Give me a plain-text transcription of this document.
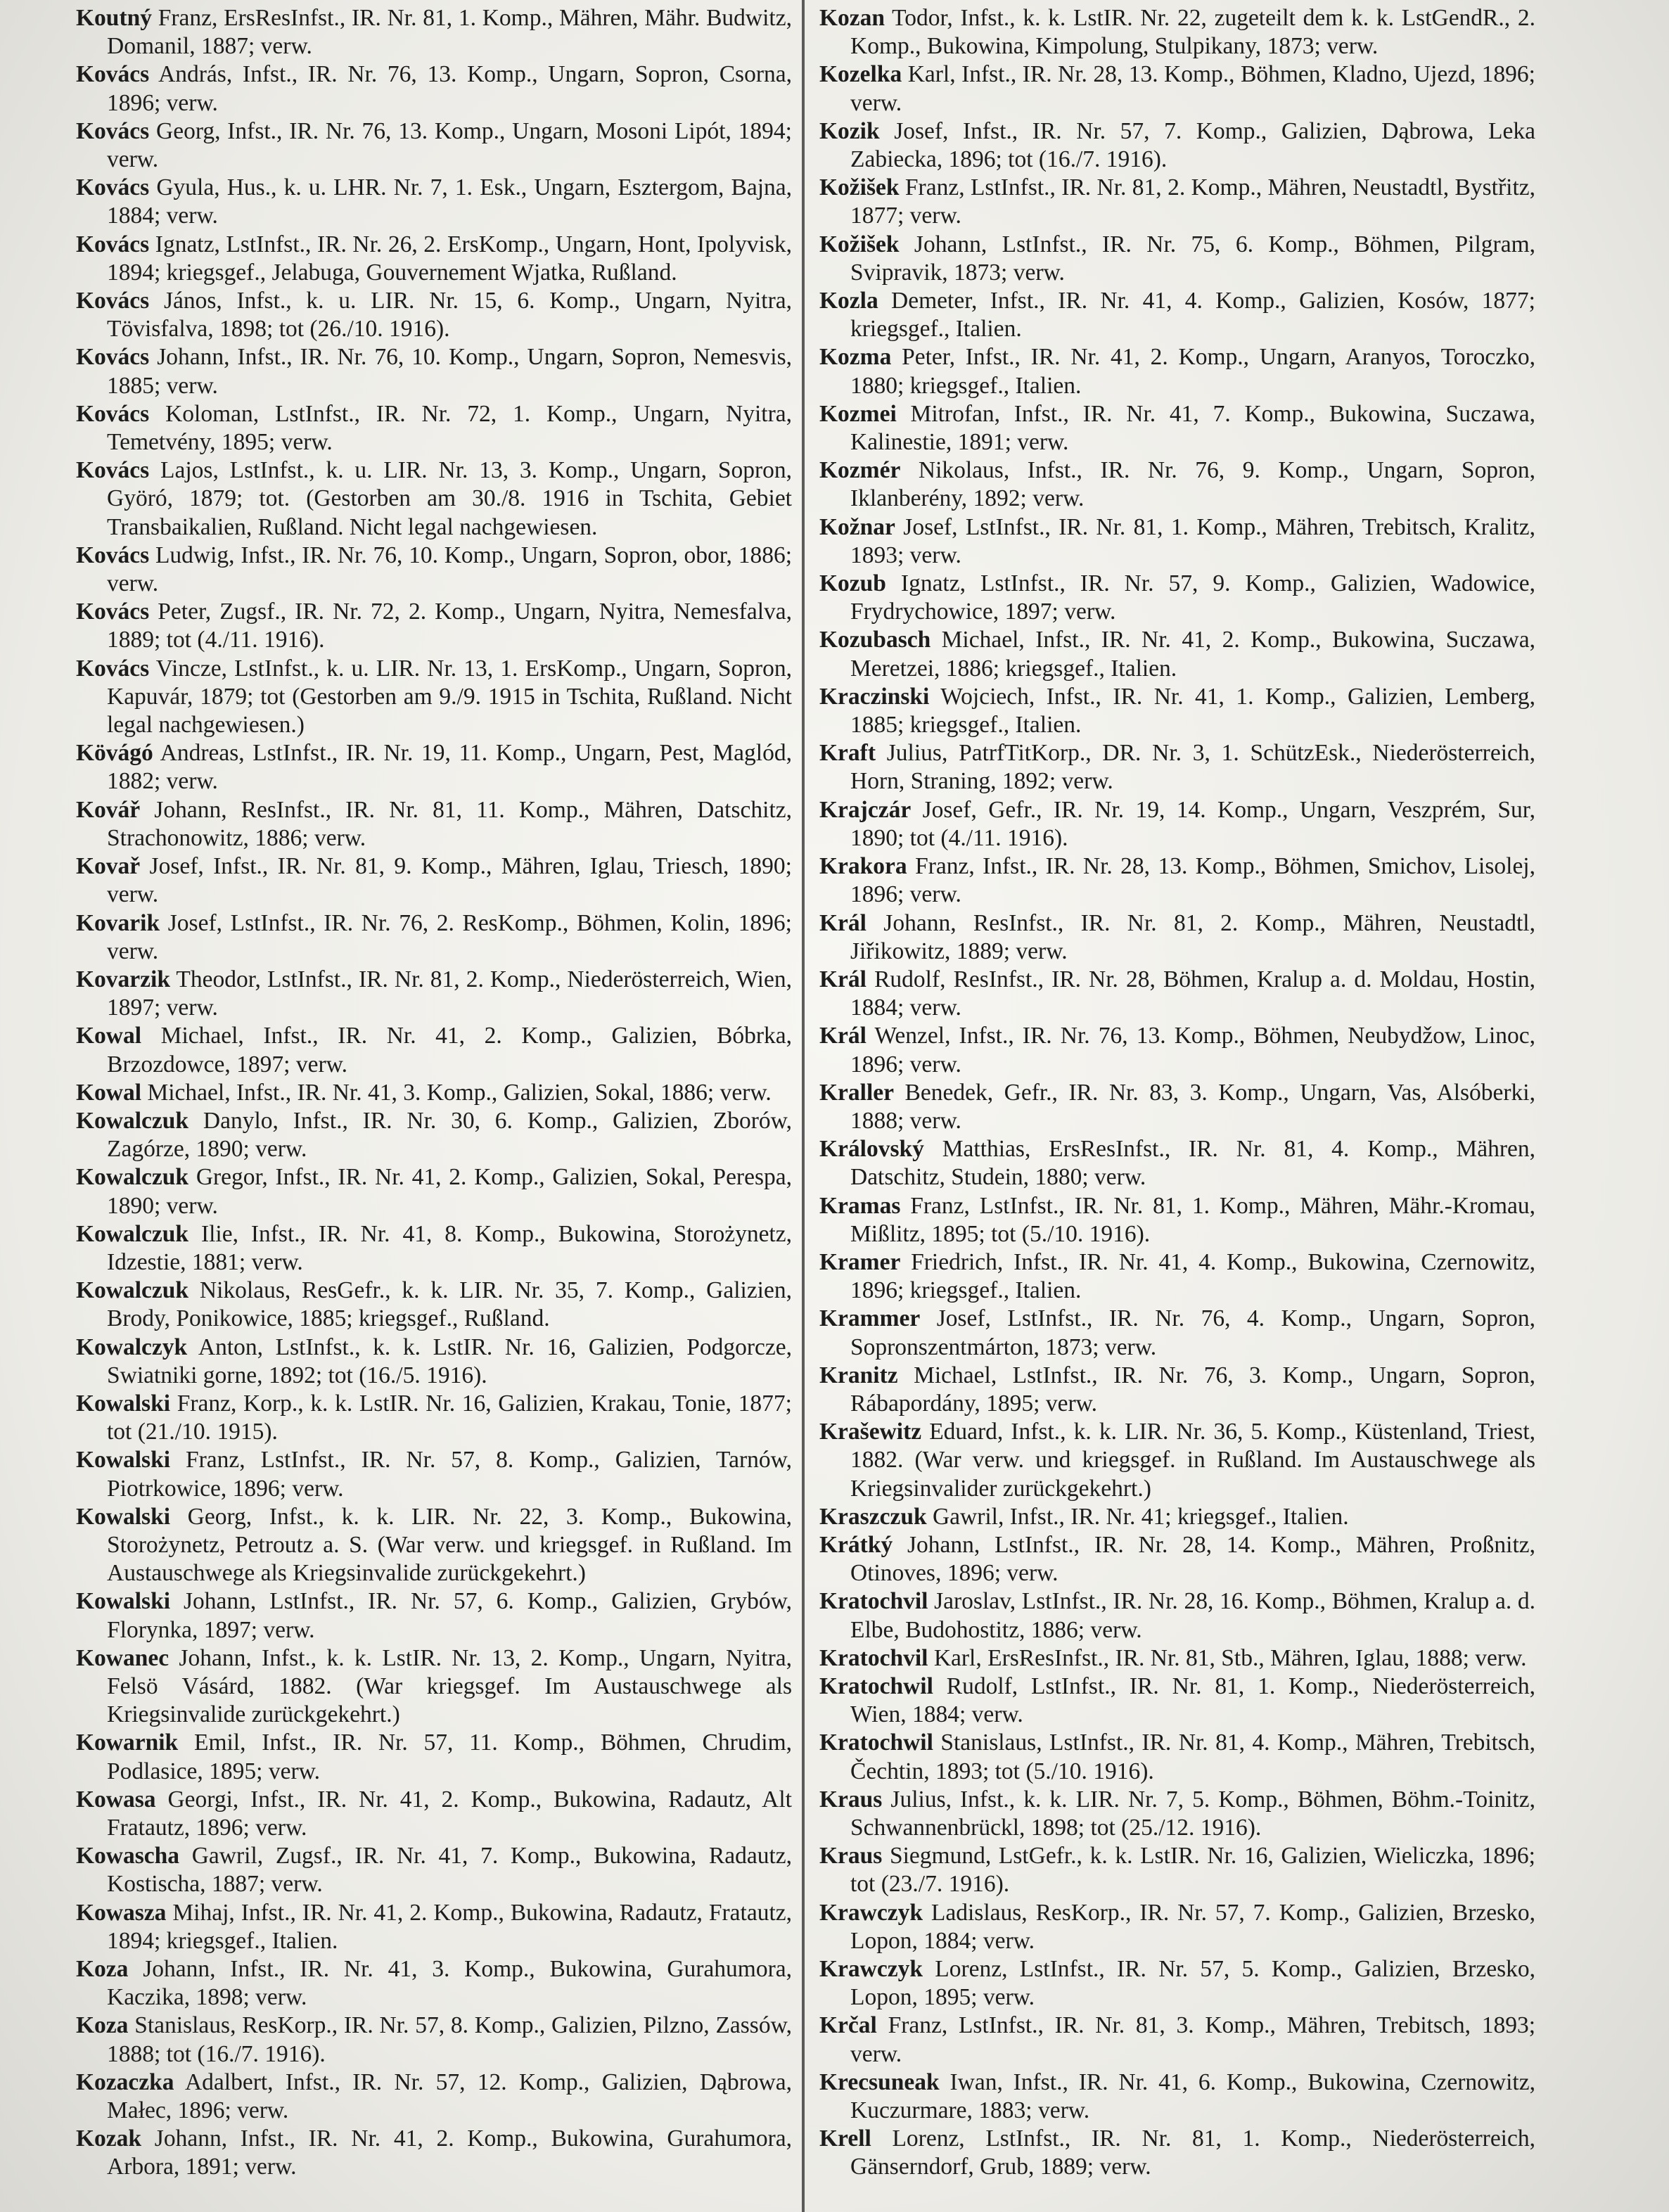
Koutný Franz, ErsResInfst., IR. Nr. 81, 1. Komp., Mähren, Mähr. Budwitz, Domanil, 1887; verw.

Kovács András, Infst., IR. Nr. 76, 13. Komp., Ungarn, Sopron, Csorna, 1896; verw.

Kovács Georg, Infst., IR. Nr. 76, 13. Komp., Ungarn, Mosoni Lipót, 1894; verw.

Kovács Gyula, Hus., k. u. LHR. Nr. 7, 1. Esk., Ungarn, Esztergom, Bajna, 1884; verw.

Kovács Ignatz, LstInfst., IR. Nr. 26, 2. ErsKomp., Ungarn, Hont, Ipolyvisk, 1894; kriegsgef., Jelabuga, Gouvernement Wjatka, Rußland.

Kovács János, Infst., k. u. LIR. Nr. 15, 6. Komp., Ungarn, Nyitra, Tövisfalva, 1898; tot (26./10. 1916).

Kovács Johann, Infst., IR. Nr. 76, 10. Komp., Ungarn, Sopron, Nemesvis, 1885; verw.

Kovács Koloman, LstInfst., IR. Nr. 72, 1. Komp., Ungarn, Nyitra, Temetvény, 1895; verw.

Kovács Lajos, LstInfst., k. u. LIR. Nr. 13, 3. Komp., Ungarn, Sopron, Györó, 1879; tot. (Gestorben am 30./8. 1916 in Tschita, Gebiet Transbaikalien, Rußland. Nicht legal nachgewiesen.

Kovács Ludwig, Infst., IR. Nr. 76, 10. Komp., Ungarn, Sopron, obor, 1886; verw.

Kovács Peter, Zugsf., IR. Nr. 72, 2. Komp., Ungarn, Nyitra, Nemesfalva, 1889; tot (4./11. 1916).

Kovács Vincze, LstInfst., k. u. LIR. Nr. 13, 1. ErsKomp., Ungarn, Sopron, Kapuvár, 1879; tot (Gestorben am 9./9. 1915 in Tschita, Rußland. Nicht legal nachgewiesen.)

Kövágó Andreas, LstInfst., IR. Nr. 19, 11. Komp., Ungarn, Pest, Maglód, 1882; verw.

Kovář Johann, ResInfst., IR. Nr. 81, 11. Komp., Mähren, Datschitz, Strachonowitz, 1886; verw.

Kovař Josef, Infst., IR. Nr. 81, 9. Komp., Mähren, Iglau, Triesch, 1890; verw.

Kovarik Josef, LstInfst., IR. Nr. 76, 2. ResKomp., Böhmen, Kolin, 1896; verw.

Kovarzik Theodor, LstInfst., IR. Nr. 81, 2. Komp., Niederösterreich, Wien, 1897; verw.

Kowal Michael, Infst., IR. Nr. 41, 2. Komp., Galizien, Bóbrka, Brzozdowce, 1897; verw.

Kowal Michael, Infst., IR. Nr. 41, 3. Komp., Galizien, Sokal, 1886; verw.

Kowalczuk Danylo, Infst., IR. Nr. 30, 6. Komp., Galizien, Zborów, Zagórze, 1890; verw.

Kowalczuk Gregor, Infst., IR. Nr. 41, 2. Komp., Galizien, Sokal, Perespa, 1890; verw.

Kowalczuk Ilie, Infst., IR. Nr. 41, 8. Komp., Bukowina, Storożynetz, Idzestie, 1881; verw.

Kowalczuk Nikolaus, ResGefr., k. k. LIR. Nr. 35, 7. Komp., Galizien, Brody, Ponikowice, 1885; kriegsgef., Rußland.

Kowalczyk Anton, LstInfst., k. k. LstIR. Nr. 16, Galizien, Podgorcze, Swiatniki gorne, 1892; tot (16./5. 1916).

Kowalski Franz, Korp., k. k. LstIR. Nr. 16, Galizien, Krakau, Tonie, 1877; tot (21./10. 1915).

Kowalski Franz, LstInfst., IR. Nr. 57, 8. Komp., Galizien, Tarnów, Piotrkowice, 1896; verw.

Kowalski Georg, Infst., k. k. LIR. Nr. 22, 3. Komp., Bukowina, Storożynetz, Petroutz a. S. (War verw. und kriegsgef. in Rußland. Im Austauschwege als Kriegsinvalide zurückgekehrt.)

Kowalski Johann, LstInfst., IR. Nr. 57, 6. Komp., Galizien, Grybów, Florynka, 1897; verw.

Kowanec Johann, Infst., k. k. LstIR. Nr. 13, 2. Komp., Ungarn, Nyitra, Felsö Vásárd, 1882. (War kriegsgef. Im Austauschwege als Kriegsinvalide zurückgekehrt.)

Kowarnik Emil, Infst., IR. Nr. 57, 11. Komp., Böhmen, Chrudim, Podlasice, 1895; verw.

Kowasa Georgi, Infst., IR. Nr. 41, 2. Komp., Bukowina, Radautz, Alt Fratautz, 1896; verw.

Kowascha Gawril, Zugsf., IR. Nr. 41, 7. Komp., Bukowina, Radautz, Kostischa, 1887; verw.

Kowasza Mihaj, Infst., IR. Nr. 41, 2. Komp., Bukowina, Radautz, Fratautz, 1894; kriegsgef., Italien.

Koza Johann, Infst., IR. Nr. 41, 3. Komp., Bukowina, Gurahumora, Kaczika, 1898; verw.

Koza Stanislaus, ResKorp., IR. Nr. 57, 8. Komp., Galizien, Pilzno, Zassów, 1888; tot (16./7. 1916).

Kozaczka Adalbert, Infst., IR. Nr. 57, 12. Komp., Galizien, Dąbrowa, Małec, 1896; verw.

Kozak Johann, Infst., IR. Nr. 41, 2. Komp., Bukowina, Gurahumora, Arbora, 1891; verw.

Kozan Todor, Infst., k. k. LstIR. Nr. 22, zugeteilt dem k. k. LstGendR., 2. Komp., Bukowina, Kimpolung, Stulpikany, 1873; verw.

Kozelka Karl, Infst., IR. Nr. 28, 13. Komp., Böhmen, Kladno, Ujezd, 1896; verw.

Kozik Josef, Infst., IR. Nr. 57, 7. Komp., Galizien, Dąbrowa, Leka Zabiecka, 1896; tot (16./7. 1916).

Kožišek Franz, LstInfst., IR. Nr. 81, 2. Komp., Mähren, Neustadtl, Bystřitz, 1877; verw.

Kožišek Johann, LstInfst., IR. Nr. 75, 6. Komp., Böhmen, Pilgram, Svipravik, 1873; verw.

Kozla Demeter, Infst., IR. Nr. 41, 4. Komp., Galizien, Kosów, 1877; kriegsgef., Italien.

Kozma Peter, Infst., IR. Nr. 41, 2. Komp., Ungarn, Aranyos, Toroczko, 1880; kriegsgef., Italien.

Kozmei Mitrofan, Infst., IR. Nr. 41, 7. Komp., Bukowina, Suczawa, Kalinestie, 1891; verw.

Kozmér Nikolaus, Infst., IR. Nr. 76, 9. Komp., Ungarn, Sopron, Iklanberény, 1892; verw.

Kožnar Josef, LstInfst., IR. Nr. 81, 1. Komp., Mähren, Trebitsch, Kralitz, 1893; verw.

Kozub Ignatz, LstInfst., IR. Nr. 57, 9. Komp., Galizien, Wadowice, Frydrychowice, 1897; verw.

Kozubasch Michael, Infst., IR. Nr. 41, 2. Komp., Bukowina, Suczawa, Meretzei, 1886; kriegsgef., Italien.

Kraczinski Wojciech, Infst., IR. Nr. 41, 1. Komp., Galizien, Lemberg, 1885; kriegsgef., Italien.

Kraft Julius, PatrfTitKorp., DR. Nr. 3, 1. SchützEsk., Niederösterreich, Horn, Straning, 1892; verw.

Krajczár Josef, Gefr., IR. Nr. 19, 14. Komp., Ungarn, Veszprém, Sur, 1890; tot (4./11. 1916).

Krakora Franz, Infst., IR. Nr. 28, 13. Komp., Böhmen, Smichov, Lisolej, 1896; verw.

Král Johann, ResInfst., IR. Nr. 81, 2. Komp., Mähren, Neustadtl, Jiřikowitz, 1889; verw.

Král Rudolf, ResInfst., IR. Nr. 28, Böhmen, Kralup a. d. Moldau, Hostin, 1884; verw.

Král Wenzel, Infst., IR. Nr. 76, 13. Komp., Böhmen, Neubydžow, Linoc, 1896; verw.

Kraller Benedek, Gefr., IR. Nr. 83, 3. Komp., Ungarn, Vas, Alsóberki, 1888; verw.

Královský Matthias, ErsResInfst., IR. Nr. 81, 4. Komp., Mähren, Datschitz, Studein, 1880; verw.

Kramas Franz, LstInfst., IR. Nr. 81, 1. Komp., Mähren, Mähr.-Kromau, Mißlitz, 1895; tot (5./10. 1916).

Kramer Friedrich, Infst., IR. Nr. 41, 4. Komp., Bukowina, Czernowitz, 1896; kriegsgef., Italien.

Krammer Josef, LstInfst., IR. Nr. 76, 4. Komp., Ungarn, Sopron, Sopronszentmárton, 1873; verw.

Kranitz Michael, LstInfst., IR. Nr. 76, 3. Komp., Ungarn, Sopron, Rábapordány, 1895; verw.

Krašewitz Eduard, Infst., k. k. LIR. Nr. 36, 5. Komp., Küstenland, Triest, 1882. (War verw. und kriegsgef. in Rußland. Im Austauschwege als Kriegsinvalider zurückgekehrt.)

Kraszczuk Gawril, Infst., IR. Nr. 41; kriegsgef., Italien.

Krátký Johann, LstInfst., IR. Nr. 28, 14. Komp., Mähren, Proßnitz, Otinoves, 1896; verw.

Kratochvil Jaroslav, LstInfst., IR. Nr. 28, 16. Komp., Böhmen, Kralup a. d. Elbe, Budohostitz, 1886; verw.

Kratochvil Karl, ErsResInfst., IR. Nr. 81, Stb., Mähren, Iglau, 1888; verw.

Kratochwil Rudolf, LstInfst., IR. Nr. 81, 1. Komp., Niederösterreich, Wien, 1884; verw.

Kratochwil Stanislaus, LstInfst., IR. Nr. 81, 4. Komp., Mähren, Trebitsch, Čechtin, 1893; tot (5./10. 1916).

Kraus Julius, Infst., k. k. LIR. Nr. 7, 5. Komp., Böhmen, Böhm.-Toinitz, Schwannenbrückl, 1898; tot (25./12. 1916).

Kraus Siegmund, LstGefr., k. k. LstIR. Nr. 16, Galizien, Wieliczka, 1896; tot (23./7. 1916).

Krawczyk Ladislaus, ResKorp., IR. Nr. 57, 7. Komp., Galizien, Brzesko, Lopon, 1884; verw.

Krawczyk Lorenz, LstInfst., IR. Nr. 57, 5. Komp., Galizien, Brzesko, Lopon, 1895; verw.

Krčal Franz, LstInfst., IR. Nr. 81, 3. Komp., Mähren, Trebitsch, 1893; verw.

Krecsuneak Iwan, Infst., IR. Nr. 41, 6. Komp., Bukowina, Czernowitz, Kuczurmare, 1883; verw.

Krell Lorenz, LstInfst., IR. Nr. 81, 1. Komp., Niederösterreich, Gänserndorf, Grub, 1889; verw.
